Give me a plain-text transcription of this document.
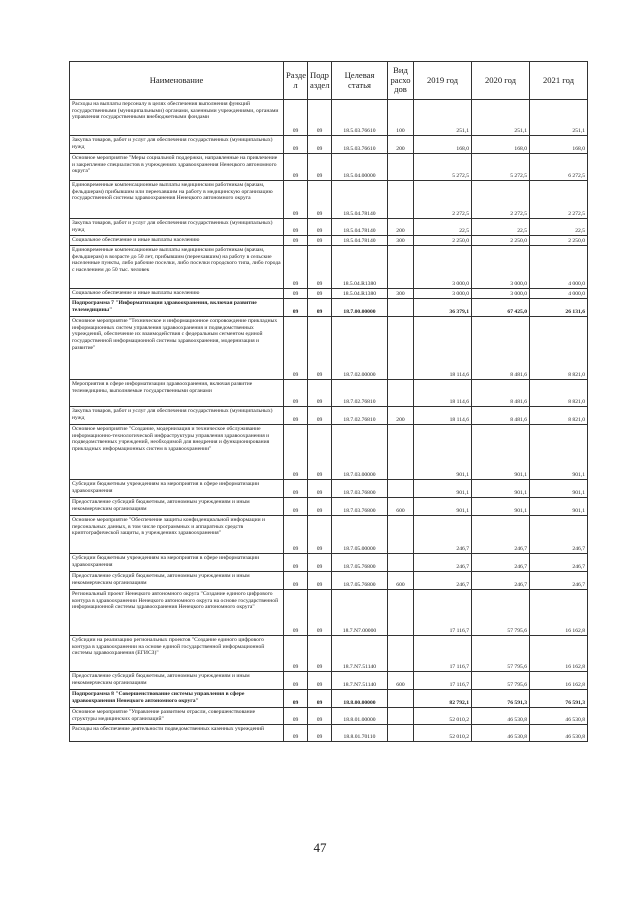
Наименование	Разде л	Подр аздел	Целевая статья	Вид расхо дов	2019 год	2020 год	2021 год
Расходы на выплаты персоналу в целях обеспечения выполнения функций государственными (муниципальными) органами, казенными учреждениями, органами управления государственными внебюджетными фондами	09	09	18.5.03.76610	100	251,1	251,1	251,1
Закупка товаров, работ и услуг для обеспечения государственных (муниципальных) нужд	09	09	18.5.03.76610	200	168,0	168,0	168,0
Основное мероприятие "Меры социальной поддержки, направленные на привлечение и закрепление специалистов в учреждениях здравоохранения Ненецкого автономного округа"	09	09	18.5.04.00000		5 272,5	5 272,5	6 272,5
Единовременные компенсационные выплаты медицинским работникам (врачам, фельдшерам) прибывшим или переехавшим на работу в медицинскую организацию государственной системы здравоохранения Ненецкого автономного округа	09	09	18.5.04.78140		2 272,5	2 272,5	2 272,5
Закупка товаров, работ и услуг для обеспечения государственных (муниципальных) нужд	09	09	18.5.04.78140	200	22,5	22,5	22,5
Социальное обеспечение и иные выплаты населению	09	09	18.5.04.78140	300	2 250,0	2 250,0	2 250,0
Единовременные компенсационные выплаты медицинским работникам (врачам, фельдшерам) в возрасте до 50 лет, прибывшим (переехавшим) на работу в сельские населенные пункты, либо рабочие поселки, либо поселки городского типа, либо города с населением до 50 тыс. человек	09	09	18.5.04.R1380		3 000,0	3 000,0	4 000,0
Социальное обеспечение и иные выплаты населению	09	09	18.5.04.R1380	300	3 000,0	3 000,0	4 000,0
Подпрограмма 7 "Информатизация здравоохранения, включая развитие телемедицины"	09	09	18.7.00.00000		36 379,1	67 425,0	26 131,6
Основное мероприятие "Техническое и информационное сопровождение прикладных информационных систем управления здравоохранения и подведомственных учреждений, обеспечение их взаимодействия с федеральным сегментом единой государственной информационной системы здравоохранения, модернизация и развитие"	09	09	18.7.02.00000		18 114,6	8 481,6	8 821,0
Мероприятия в сфере информатизации здравоохранения, включая развитие телемедицины, выполняемые государственными органами	09	09	18.7.02.76810		18 114,6	8 481,6	8 821,0
Закупка товаров, работ и услуг для обеспечения государственных (муниципальных) нужд	09	09	18.7.02.76810	200	18 114,6	8 481,6	8 821,0
Основное мероприятие "Создание, модернизация и техническое обслуживание информационно-технологической инфраструктуры управления здравоохранения и подведомственных учреждений, необходимой для внедрения и функционирования прикладных информационных систем в здравоохранении"	09	09	18.7.03.00000		901,1	901,1	901,1
Субсидии бюджетным учреждениям на мероприятия в сфере информатизации здравоохранения	09	09	18.7.03.76800		901,1	901,1	901,1
Предоставление субсидий бюджетным, автономным учреждениям и иным некоммерческим организациям	09	09	18.7.03.76800	600	901,1	901,1	901,1
Основное мероприятие "Обеспечение защиты конфиденциальной информации и персональных данных, в том числе программных и аппаратных средств криптографической защиты, в учреждениях здравоохранения"	09	09	18.7.05.00000		246,7	246,7	246,7
Субсидии бюджетным учреждениям на мероприятия в сфере информатизации здравоохранения	09	09	18.7.05.76800		246,7	246,7	246,7
Предоставление субсидий бюджетным, автономным учреждениям и иным некоммерческим организациям	09	09	18.7.05.76800	600	246,7	246,7	246,7
Региональный проект Ненецкого автономного округа "Создание единого цифрового контура в здравоохранении Ненецкого автономного округа на основе государственной информационной системы здравоохранения Ненецкого автономного округа"	09	09	18.7.N7.00000		17 116,7	57 795,6	16 162,8
Субсидии на реализацию региональных проектов "Создание единого цифрового контура в здравоохранении на основе единой государственной информационной системы здравоохранения (ЕГИСЗ)"	09	09	18.7.N7.51140		17 116,7	57 795,6	16 162,8
Предоставление субсидий бюджетным, автономным учреждениям и иным некоммерческим организациям	09	09	18.7.N7.51140	600	17 116,7	57 795,6	16 162,8
Подпрограмма 8 "Совершенствование системы управления в сфере здравоохранения Ненецкого автономного округа"	09	09	18.8.00.00000		82 792,1	76 591,3	76 591,3
Основное мероприятие "Управление развитием отрасли, совершенствование структуры медицинских организаций"	09	09	18.8.01.00000		52 010,2	46 530,8	46 530,8
Расходы на обеспечение деятельности подведомственных казенных учреждений	09	09	18.8.01.70110		52 010,2	46 530,8	46 530,8
47
